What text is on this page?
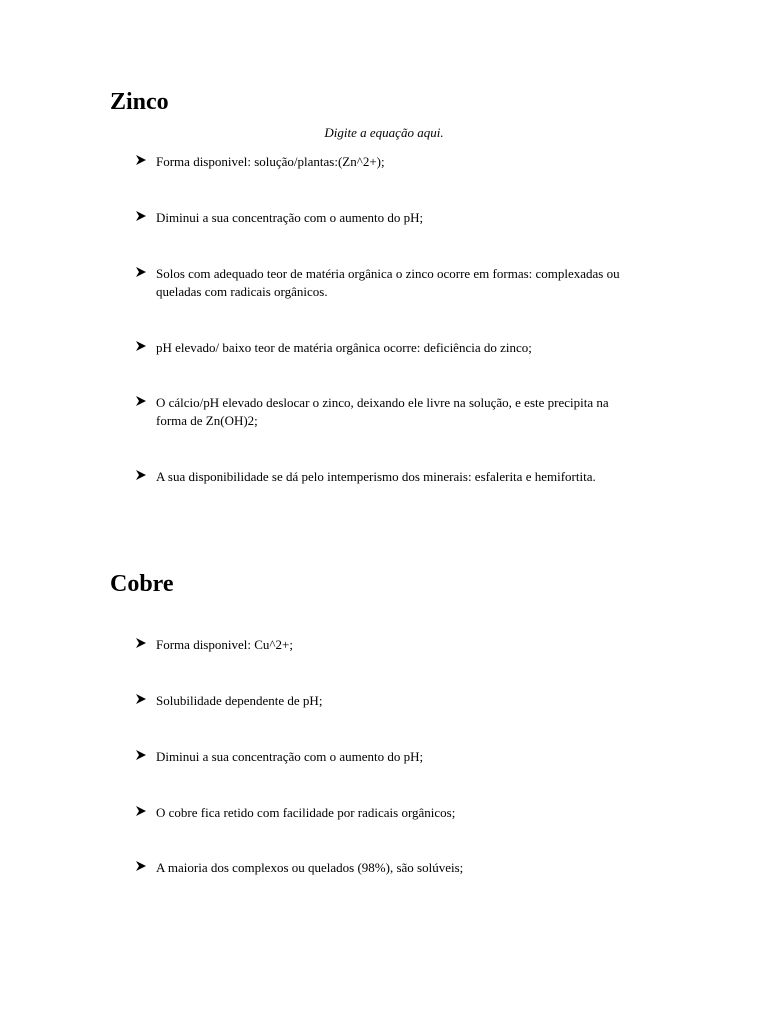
Zinco
Digite a equação aqui.
Forma disponivel: solução/plantas:(Zn^2+);
Diminui a sua concentração com o aumento do pH;
Solos com adequado teor de matéria orgânica o zinco ocorre em formas: complexadas ou queladas com radicais orgânicos.
pH elevado/ baixo teor de matéria orgânica ocorre: deficiência do zinco;
O cálcio/pH elevado deslocar o zinco, deixando ele livre na solução, e este precipita na forma de Zn(OH)2;
A sua disponibilidade se dá pelo intemperismo dos minerais: esfalerita e hemifortita.
Cobre
Forma disponivel: Cu^2+;
Solubilidade dependente de pH;
Diminui a sua concentração com o aumento do pH;
O cobre fica retido com facilidade por radicais orgânicos;
A maioria dos complexos ou quelados (98%), são solúveis;
